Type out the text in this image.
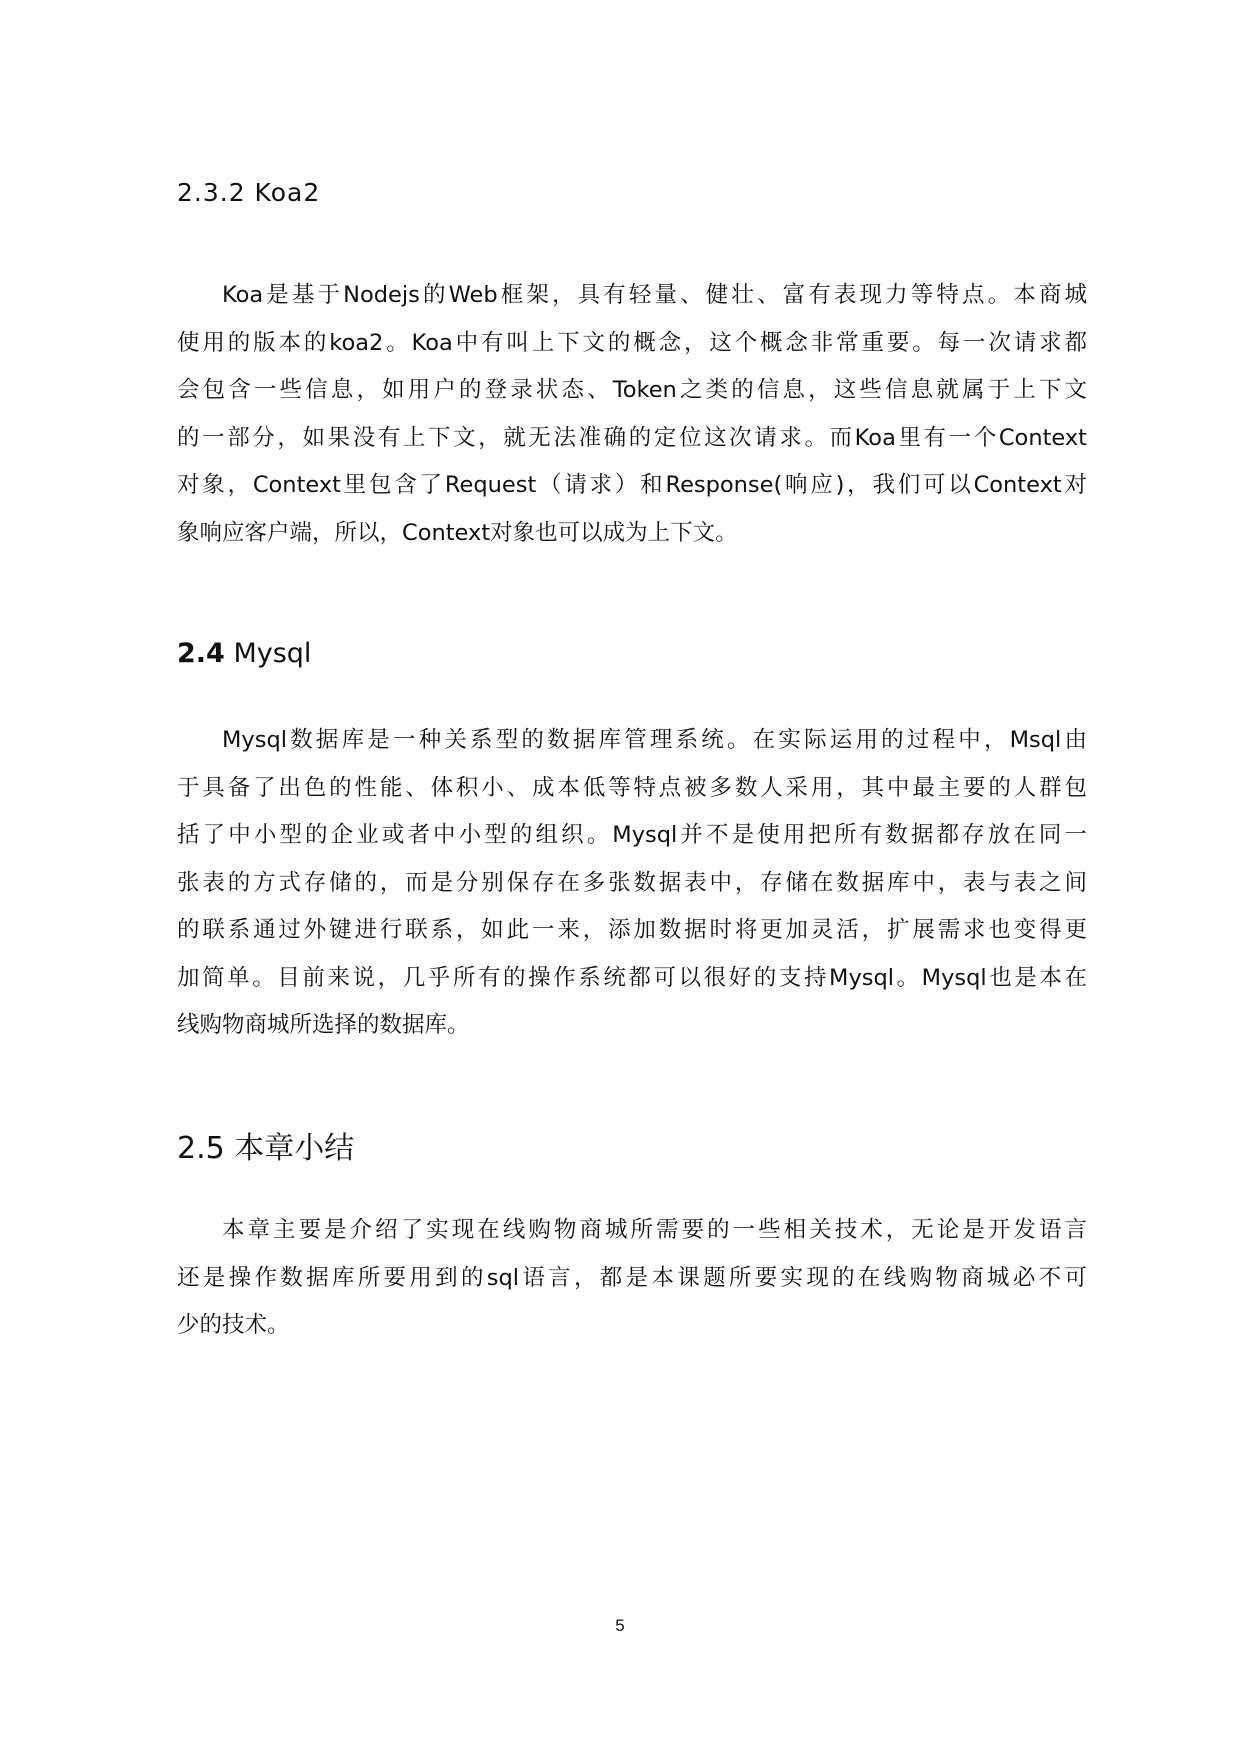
2.3.2 Koa2
Koa是基于Nodejs的Web框架，具有轻量、健壮、富有表现力等特点。本商城
使用的版本的koa2。Koa中有叫上下文的概念，这个概念非常重要。每一次请求都
会包含一些信息，如用户的登录状态、Token之类的信息，这些信息就属于上下文
的一部分，如果没有上下文，就无法准确的定位这次请求。而Koa里有一个Context
对象，Context里包含了Request（请求）和Response(响应)，我们可以Context对
象响应客户端，所以，Context对象也可以成为上下文。
2.4 Mysql
Mysql数据库是一种关系型的数据库管理系统。在实际运用的过程中，Msql由
于具备了出色的性能、体积小、成本低等特点被多数人采用，其中最主要的人群包
括了中小型的企业或者中小型的组织。Mysql并不是使用把所有数据都存放在同一
张表的方式存储的，而是分别保存在多张数据表中，存储在数据库中，表与表之间
的联系通过外键进行联系，如此一来，添加数据时将更加灵活，扩展需求也变得更
加简单。目前来说，几乎所有的操作系统都可以很好的支持Mysql。Mysql也是本在
线购物商城所选择的数据库。
2.5 本章小结
本章主要是介绍了实现在线购物商城所需要的一些相关技术，无论是开发语言
还是操作数据库所要用到的sql语言，都是本课题所要实现的在线购物商城必不可
少的技术。
5
